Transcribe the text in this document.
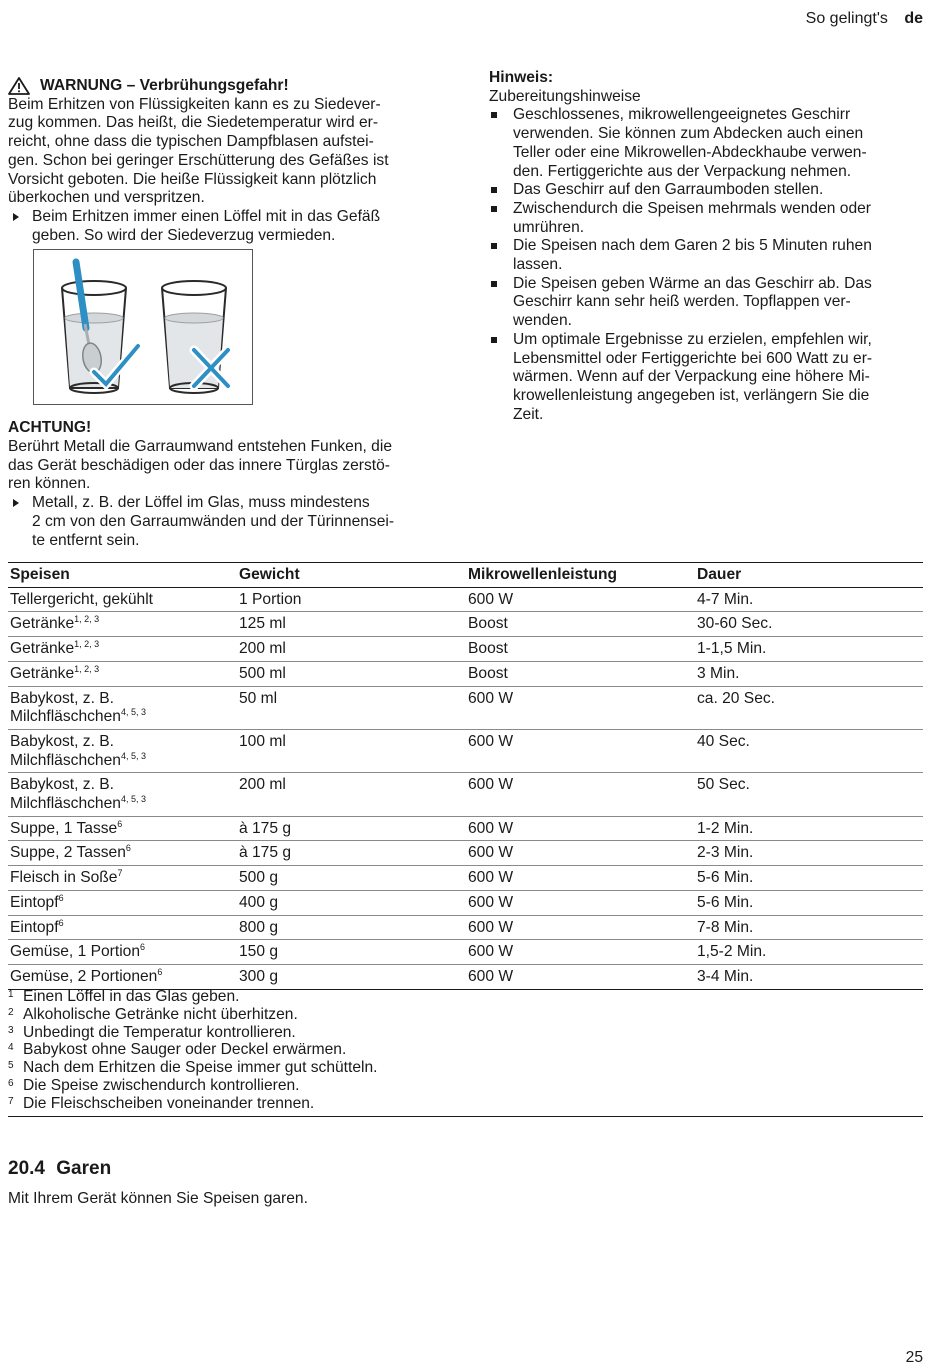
So gelingt's de
WARNUNG – Verbrühungsgefahr!

Beim Erhitzen von Flüssigkeiten kann es zu Siedever-

zug kommen. Das heißt, die Siedetemperatur wird er-

reicht, ohne dass die typischen Dampfblasen aufstei-

gen. Schon bei geringer Erschütterung des Gefäßes ist

Vorsicht geboten. Die heiße Flüssigkeit kann plötzlich

überkochen und verspritzen.

Beim Erhitzen immer einen Löffel mit in das Gefäß

geben. So wird der Siedeverzug vermieden.

ACHTUNG!

Berührt Metall die Garraumwand entstehen Funken, die

das Gerät beschädigen oder das innere Türglas zerstö-

ren können.

Metall, z. B. der Löffel im Glas, muss mindestens

2 cm von den Garraumwänden und der Türinnensei-

te entfernt sein.

Hinweis:

Zubereitungshinweise

Geschlossenes, mikrowellengeeignetes Geschirr

verwenden. Sie können zum Abdecken auch einen

Teller oder eine Mikrowellen-Abdeckhaube verwen-

den. Fertiggerichte aus der Verpackung nehmen.

Das Geschirr auf den Garraumboden stellen.

Zwischendurch die Speisen mehrmals wenden oder

umrühren.

Die Speisen nach dem Garen 2 bis 5 Minuten ruhen

lassen.

Die Speisen geben Wärme an das Geschirr ab. Das

Geschirr kann sehr heiß werden. Topflappen ver-

wenden.

Um optimale Ergebnisse zu erzielen, empfehlen wir,

Lebensmittel oder Fertiggerichte bei 600 Watt zu er-

wärmen. Wenn auf der Verpackung eine höhere Mi-

krowellenleistung angegeben ist, verlängern Sie die

Zeit.

Speisen	Gewicht	Mikrowellenleistung	Dauer

Tellergericht, gekühlt	1 Portion	600 W	4-7 Min.

Getränke$^{1, 2, 3}$	125 ml	Boost	30-60 Sec.

Getränke$^{1, 2, 3}$	200 ml	Boost	1-1,5 Min.

Getränke$^{1, 2, 3}$	500 ml	Boost	3 Min.

Babykost, z. B.
Milchfläschchen$^{4, 5, 3}$	50 ml	600 W	ca. 20 Sec.

Babykost, z. B.
Milchfläschchen$^{4, 5, 3}$	100 ml	600 W	40 Sec.

Babykost, z. B.
Milchfläschchen$^{4, 5, 3}$	200 ml	600 W	50 Sec.

Suppe, 1 Tasse$^6$	à 175 g	600 W	1-2 Min.

Suppe, 2 Tassen$^6$	à 175 g	600 W	2-3 Min.

Fleisch in Soße$^7$	500 g	600 W	5-6 Min.

Eintopf$^6$	400 g	600 W	5-6 Min.

Eintopf$^6$	800 g	600 W	7-8 Min.

Gemüse, 1 Portion$^6$	150 g	600 W	1,5-2 Min.

Gemüse, 2 Portionen$^6$	300 g	600 W	3-4 Min.
1 Einen Löffel in das Glas geben.
2 Alkoholische Getränke nicht überhitzen.
3 Unbedingt die Temperatur kontrollieren.
4 Babykost ohne Sauger oder Deckel erwärmen.
5 Nach dem Erhitzen die Speise immer gut schütteln.
6 Die Speise zwischendurch kontrollieren.
7 Die Fleischscheiben voneinander trennen.
20.4 Garen
Mit Ihrem Gerät können Sie Speisen garen.
25
